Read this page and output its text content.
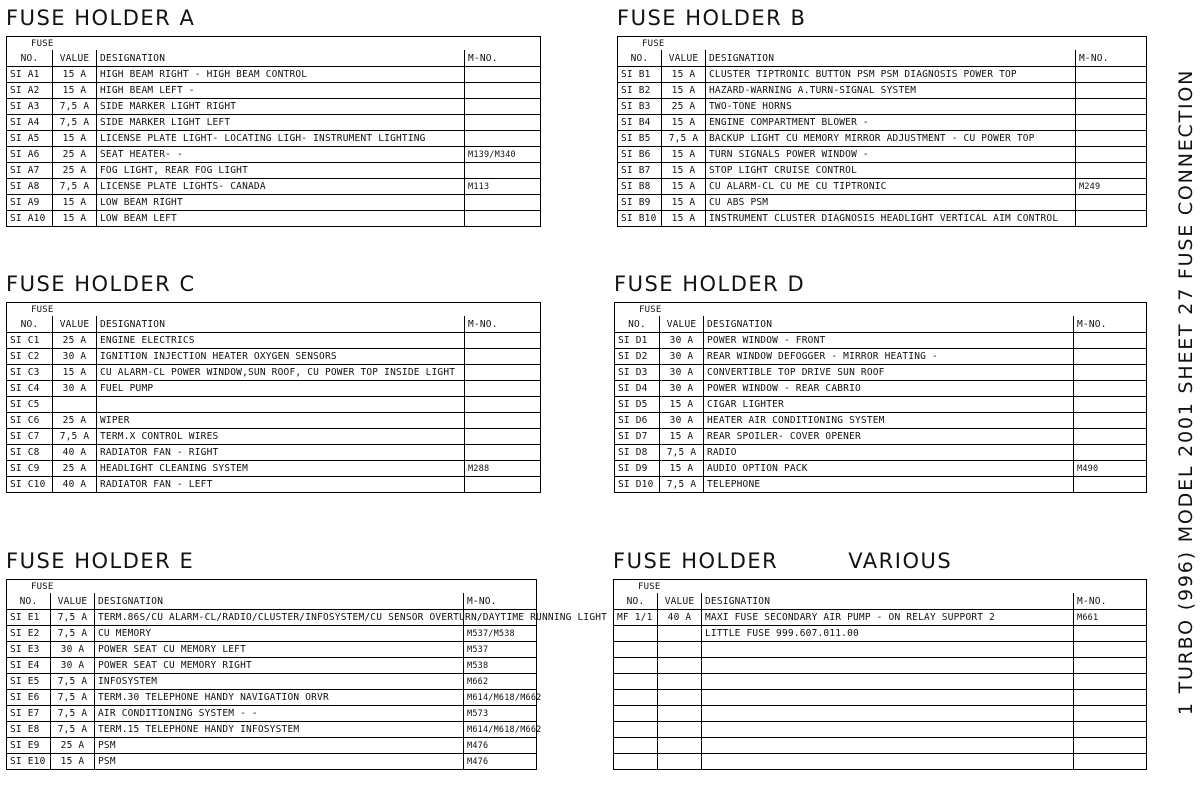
FUSE HOLDER A
FUSE			
NO.	VALUE	DESIGNATION	M-NO.
SI A1	15 A	HIGH BEAM RIGHT - HIGH BEAM CONTROL	
SI A2	15 A	HIGH BEAM LEFT -	
SI A3	7,5 A	SIDE MARKER LIGHT RIGHT	
SI A4	7,5 A	SIDE MARKER LIGHT LEFT	
SI A5	15 A	LICENSE PLATE LIGHT- LOCATING LIGH- INSTRUMENT LIGHTING	
SI A6	25 A	SEAT HEATER- -	M139/M340
SI A7	25 A	FOG LIGHT, REAR FOG LIGHT	
SI A8	7,5 A	LICENSE PLATE LIGHTS- CANADA	M113
SI A9	15 A	LOW BEAM RIGHT	
SI A10	15 A	LOW BEAM LEFT	
FUSE HOLDER B
FUSE			
NO.	VALUE	DESIGNATION	M-NO.
SI B1	15 A	CLUSTER TIPTRONIC BUTTON PSM PSM DIAGNOSIS POWER TOP	
SI B2	15 A	HAZARD-WARNING A.TURN-SIGNAL SYSTEM	
SI B3	25 A	TWO-TONE HORNS	
SI B4	15 A	ENGINE COMPARTMENT BLOWER -	
SI B5	7,5 A	BACKUP LIGHT CU MEMORY MIRROR ADJUSTMENT - CU POWER TOP	
SI B6	15 A	TURN SIGNALS POWER WINDOW -	
SI B7	15 A	STOP LIGHT CRUISE CONTROL	
SI B8	15 A	CU ALARM-CL CU ME CU TIPTRONIC	M249
SI B9	15 A	CU ABS PSM	
SI B10	15 A	INSTRUMENT CLUSTER DIAGNOSIS HEADLIGHT VERTICAL AIM CONTROL	
FUSE HOLDER C
FUSE			
NO.	VALUE	DESIGNATION	M-NO.
SI C1	25 A	ENGINE ELECTRICS	
SI C2	30 A	IGNITION INJECTION HEATER OXYGEN SENSORS	
SI C3	15 A	CU ALARM-CL POWER WINDOW,SUN ROOF, CU POWER TOP INSIDE LIGHT	
SI C4	30 A	FUEL PUMP	
SI C5			
SI C6	25 A	WIPER	
SI C7	7,5 A	TERM.X CONTROL WIRES	
SI C8	40 A	RADIATOR FAN - RIGHT	
SI C9	25 A	HEADLIGHT CLEANING SYSTEM	M288
SI C10	40 A	RADIATOR FAN - LEFT	
FUSE HOLDER D
FUSE			
NO.	VALUE	DESIGNATION	M-NO.
SI D1	30 A	POWER WINDOW - FRONT	
SI D2	30 A	REAR WINDOW DEFOGGER - MIRROR HEATING -	
SI D3	30 A	CONVERTIBLE TOP DRIVE SUN ROOF	
SI D4	30 A	POWER WINDOW - REAR CABRIO	
SI D5	15 A	CIGAR LIGHTER	
SI D6	30 A	HEATER AIR CONDITIONING SYSTEM	
SI D7	15 A	REAR SPOILER- COVER OPENER	
SI D8	7,5 A	RADIO	
SI D9	15 A	AUDIO OPTION PACK	M490
SI D10	7,5 A	TELEPHONE	
FUSE HOLDER E
FUSE			
NO.	VALUE	DESIGNATION	M-NO.
SI E1	7,5 A	TERM.86S/CU ALARM-CL/RADIO/CLUSTER/INFOSYSTEM/CU SENSOR OVERTURN/DAYTIME RUNNING LIGHT	
SI E2	7,5 A	CU MEMORY	M537/M538
SI E3	30 A	POWER SEAT CU MEMORY LEFT	M537
SI E4	30 A	POWER SEAT CU MEMORY RIGHT	M538
SI E5	7,5 A	INFOSYSTEM	M662
SI E6	7,5 A	TERM.30 TELEPHONE HANDY NAVIGATION ORVR	M614/M618/M662
SI E7	7,5 A	AIR CONDITIONING SYSTEM - -	M573
SI E8	7,5 A	TERM.15 TELEPHONE HANDY INFOSYSTEM	M614/M618/M662
SI E9	25 A	PSM	M476
SI E10	15 A	PSM	M476
FUSE HOLDER	VARIOUS
FUSE			
NO.	VALUE	DESIGNATION	M-NO.
MF 1/1	40 A	MAXI FUSE SECONDARY AIR PUMP - ON RELAY SUPPORT 2	M661
		LITTLE FUSE 999.607.011.00	

				1 TURBO (996) MODEL 2001 SHEET 27 FUSE CONNECTION
